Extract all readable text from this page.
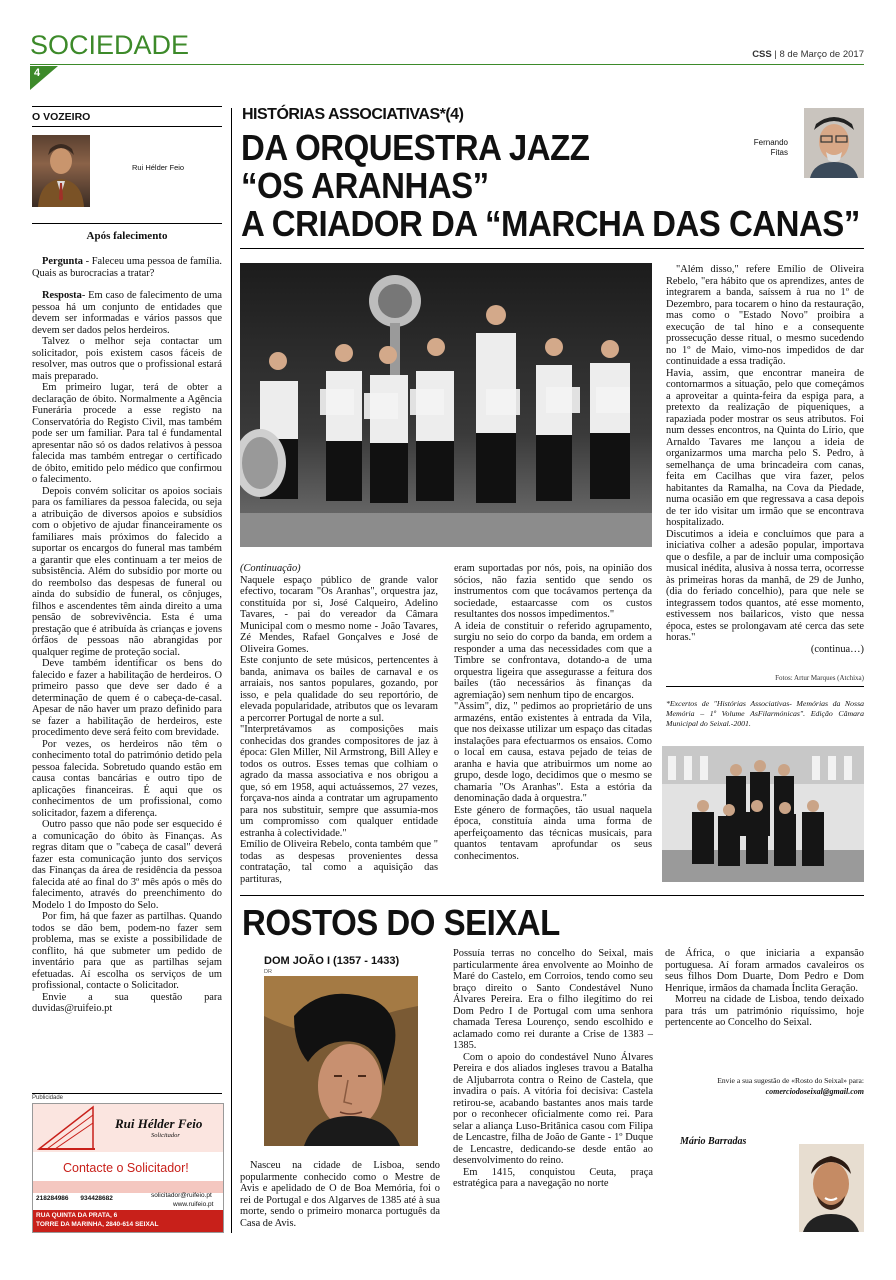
SOCIEDADE
4
CSS | 8 de Março de 2017
O VOZEIRO
Rui Hélder Feio
Após falecimento

Pergunta - Faleceu uma pessoa de família. Quais as burocracias a tratar?

Resposta- Em caso de falecimento de uma pessoa há um conjunto de entidades que devem ser informadas e vários passos que devem ser dados pelos herdeiros.

Talvez o melhor seja contactar um solicitador, pois existem casos fáceis de resolver, mas outros que o profissional estará mais preparado.

Em primeiro lugar, terá de obter a declaração de óbito. Normalmente a Agência Funerária procede a esse registo na Conservatória do Registo Civil, mas também pode ser um familiar. Para tal é fundamental apresentar não só os dados relativos à pessoa falecida mas também entregar o certificado de óbito, emitido pelo médico que confirmou o falecimento.

Depois convém solicitar os apoios sociais para os familiares da pessoa falecida, ou seja a atribuição de diversos apoios e subsídios com o objetivo de ajudar financeiramente os familiares mais próximos do falecido a suportar os encargos do funeral mas também a garantir que eles continuam a ter meios de subsistência. Além do subsídio por morte ou do reembolso das despesas de funeral ou ainda do subsídio de funeral, os cônjuges, filhos e ascendentes têm ainda direito a uma pensão de sobrevivência. Esta é uma prestação que é atribuída às crianças e jovens órfãos de pessoas não abrangidas por qualquer regime de proteção social.

Deve também identificar os bens do falecido e fazer a habilitação de herdeiros. O primeiro passo que deve ser dado é a determinação de quem é o cabeça-de-casal. Apesar de não haver um prazo definido para se fazer a habilitação de herdeiros, este procedimento deve será feito com brevidade.

Por vezes, os herdeiros não têm o conhecimento total do património detido pela pessoa falecida. Sobretudo quando estão em causa contas bancárias e outro tipo de aplicações financeiras. É aqui que os conhecimentos de um profissional, como solicitador, fazem a diferença.

Outro passo que não pode ser esquecido é a comunicação do óbito às Finanças. As regras ditam que o "cabeça de casal" deverá fazer esta comunicação junto dos serviços das Finanças da área de residência da pessoa falecida até ao final do 3º mês após o mês do falecimento, através do preenchimento do Modelo 1 do Imposto do Selo.

Por fim, há que fazer as partilhas. Quando todos se dão bem, podem-no fazer sem problema, mas se existe a possibilidade de conflito, há que submeter um pedido de inventário para que as partilhas sejam efetuadas. Aí escolha os serviços de um profissional, contacte o Solicitador.

Envie a sua questão para duvidas@ruifeio.pt

Publicidade
Rui Hélder Feio
Solicitador
Contacte o Solicitador!
218284986 934428682	solicitador@ruifeio.pt
www.ruifeio.pt
RUA QUINTA DA PRATA, 6
TORRE DA MARINHA, 2840-614 SEIXAL
HISTÓRIAS ASSOCIATIVAS*(4)
DA ORQUESTRA JAZZ
“OS ARANHAS”
A CRIADOR DA “MARCHA DAS CANAS”
Fernando
Fitas

(Continuação)

Naquele espaço público de grande valor efectivo, tocaram "Os Aranhas", orquestra jaz, constituída por si, José Calqueiro, Adelino Tavares, - pai do vereador da Câmara Municipal com o mesmo nome - João Tavares, Zé Mendes, Rafael Gonçalves e José de Oliveira Gomes.

Este conjunto de sete músicos, pertencentes à banda, animava os bailes de carnaval e os arraiais, nos santos populares, gozando, por isso, e pela qualidade do seu reportório, de elevada popularidade, atributos que os levaram a percorrer Portugal de norte a sul.

"Interpretávamos as composições mais conhecidas dos grandes compositores de jaz à época: Glen Miller, Nil Armstrong, Bill Alley e todos os outros. Esses temas que colhiam o agrado da massa associativa e nos obrigou a que, só em 1958, aqui actuássemos, 27 vezes, forçava-nos ainda a contratar um agrupamento para nos substituir, sempre que assumia-mos um compromisso com qualquer entidade estranha à colectividade."

Emílio de Oliveira Rebelo, conta também que " todas as despesas provenientes dessa contratação, tal como a aquisição das partituras,

eram suportadas por nós, pois, na opinião dos sócios, não fazia sentido que sendo os instrumentos com que tocávamos pertença da sociedade, estaarcasse com os custos resultantes dos nossos impedimentos."

A ideia de constituir o referido agrupamento, surgiu no seio do corpo da banda, em ordem a responder a uma das necessidades com que a Timbre se confrontava, dotando-a de uma orquestra ligeira que assegurasse a feitura dos bailes (tão necessários às finanças da agremiação) sem nenhum tipo de encargos.

"Assim", diz, " pedimos ao proprietário de uns armazéns, então existentes à entrada da Vila, que nos deixasse utilizar um espaço das citadas instalações para efectuarmos os ensaios. Como o local em causa, estava pejado de teias de aranha e havia que atribuirmos um nome ao grupo, desde logo, decidimos que o mesmo se chamaria "Os Aranhas". Esta a estória da denominação dada à orquestra."

Este género de formações, tão usual naquela época, constituía ainda uma forma de aperfeiçoamento das técnicas musicais, para quantos tentavam aprofundar os seus conhecimentos.

"Além disso," refere Emílio de Oliveira Rebelo, "era hábito que os aprendizes, antes de integrarem a banda, saíssem à rua no 1º de Dezembro, para tocarem o hino da restauração, mas como o "Estado Novo" proibira a execução de tal hino e a consequente prossecução desse ritual, o mesmo sucedendo no 1º de Maio, vimo-nos impedidos de dar continuidade a essa tradição.

Havia, assim, que encontrar maneira de contornarmos a situação, pelo que começámos a aproveitar a quinta-feira da espiga para, a pretexto da realização de piqueniques, a rapaziada poder mostrar os seus atributos. Foi num desses encontros, na Quinta do Lírio, que Arnaldo Tavares me lançou a ideia de organizarmos uma marcha pelo S. Pedro, à semelhança de uma brincadeira com canas, feita em Cacilhas que vira fazer, pelos habitantes da Ramalha, na Cova da Piedade, numa ocasião em que regressava a casa depois de ter ido visitar um irmão que se encontrava hospitalizado.

Discutimos a ideia e concluímos que para a iniciativa colher a adesão popular, importava que o desfile, a par de incluir uma composição musical inédita, alusiva à nossa terra, ocorresse às primeiras horas da manhã, de 29 de Junho, (dia do feriado concelhio), para que nele se integrassem todos quantos, até esse momento, estivessem nos bailaricos, visto que nessa época, estes se prolongavam até cerca das sete horas."

(continua…)

Fotos: Artur Marques (Atchixa)
*Excertos de "Histórias Associativas- Memórias da Nossa Memória – 1º Volume AsFilarmónicas". Edição Câmara Municipal do Seixal.-2001.
ROSTOS DO SEIXAL
DOM JOÃO I (1357 - 1433)
DR

Nasceu na cidade de Lisboa, sendo popularmente conhecido como o Mestre de Avis e apelidado de O de Boa Memória, foi o rei de Portugal e dos Algarves de 1385 até à sua morte, sendo o primeiro monarca português da Casa de Avis.

Possuía terras no concelho do Seixal, mais particularmente área envolvente ao Moinho de Maré do Castelo, em Corroios, tendo como seu braço direito o Santo Condestável Nuno Álvares Pereira. Era o filho ilegítimo do rei Dom Pedro I de Portugal com uma senhora chamada Teresa Lourenço, sendo escolhido e aclamado como rei durante a Crise de 1383 –1385.

Com o apoio do condestável Nuno Álvares Pereira e dos aliados ingleses travou a Batalha de Aljubarrota contra o Reino de Castela, que invadira o país. A vitória foi decisiva: Castela retirou-se, acabando bastantes anos mais tarde por o reconhecer oficialmente como rei. Para selar a aliança Luso-Britânica casou com Filipa de Lencastre, filha de João de Gante - 1º Duque de Lencastre, dedicando-se desde então ao desenvolvimento do reino.

Em 1415, conquistou Ceuta, praça estratégica para a navegação no norte

de África, o que iniciaria a expansão portuguesa. Aí foram armados cavaleiros os seus filhos Dom Duarte, Dom Pedro e Dom Henrique, irmãos da chamada Ínclita Geração.

Morreu na cidade de Lisboa, tendo deixado para trás um património riquíssimo, hoje pertencente ao Concelho do Seixal.

Envie a sua sugestão de «Rosto do Seixal» para:
comerciodoseixal@gmail.com
Mário Barradas
